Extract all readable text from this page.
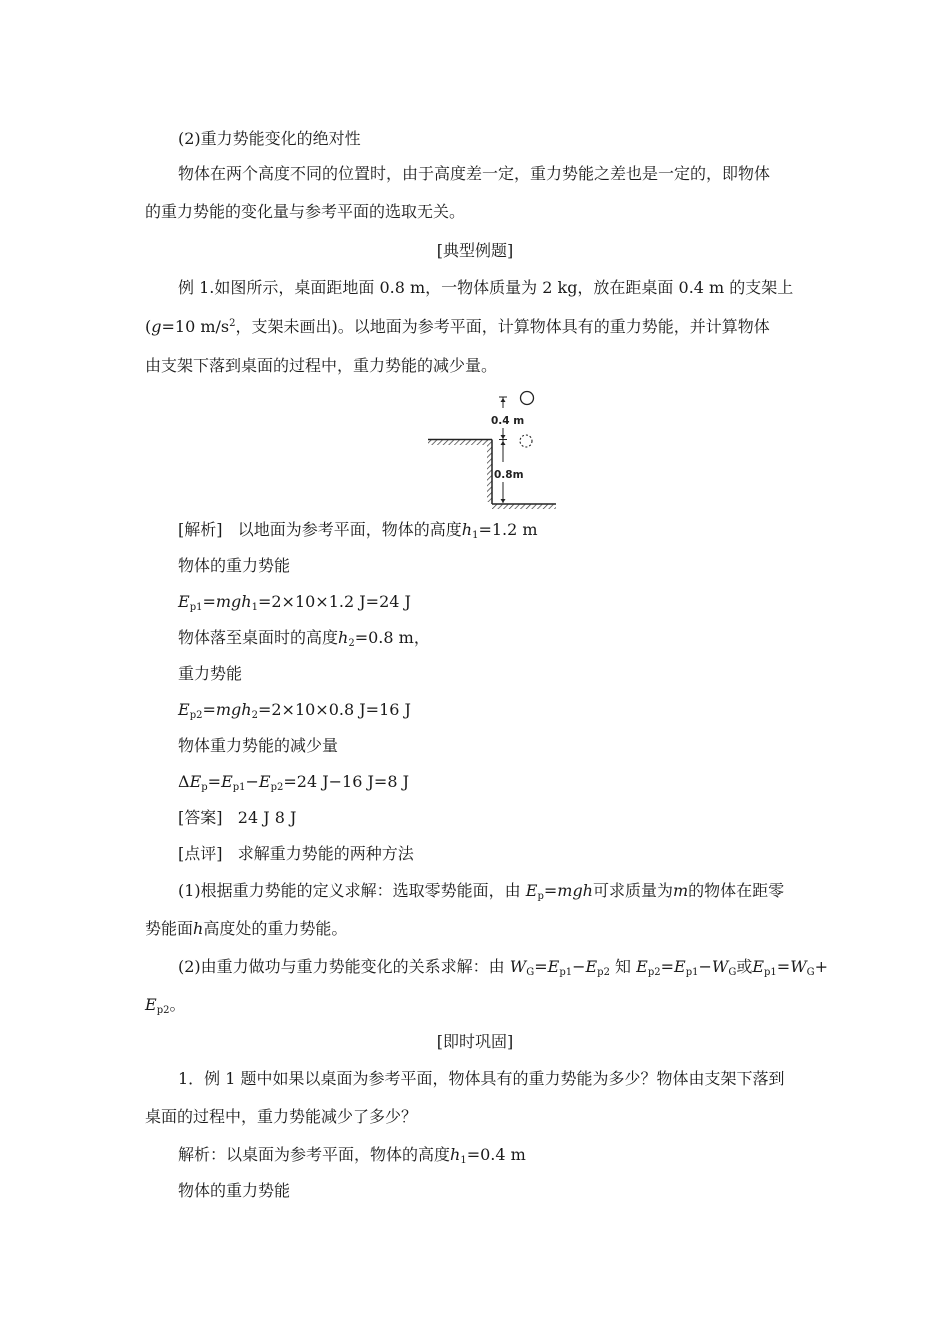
(2)重力势能变化的绝对性
物体在两个高度不同的位置时，由于高度差一定，重力势能之差也是一定的，即物体
的重力势能的变化量与参考平面的选取无关。
[典型例题]
例 1.如图所示，桌面距地面 0.8 m，一物体质量为 2 kg，放在距桌面 0.4 m 的支架上
(g=10 $m/s^2$，支架未画出)。以地面为参考平面，计算物体具有的重力势能，并计算物体
由支架下落到桌面的过程中，重力势能的减少量。
0.4 m
0.8m
[解析] 以地面为参考平面，物体的高度$h_1=1.2$ m
物体的重力势能
$E_{p1}=mgh_1=2\times 10\times 1.2$ J=24 J
物体落至桌面时的高度$h_2=0.8$ m，
重力势能
$E_{p2}=mgh_2=2\times 10\times 0.8$ J=16 J
物体重力势能的减少量
$\Delta E_p=E_{p1}-E_{p2}=24$ J−16 J=8 J
[答案] 24 J 8 J
[点评] 求解重力势能的两种方法
(1)根据重力势能的定义求解：选取零势能面，由 $E_p=mgh$可求质量为m的物体在距零
势能面h高度处的重力势能。
(2)由重力做功与重力势能变化的关系求解：由 $W_G=E_{p1}-E_{p2}$ 知 $E_{p2}=E_{p1}-W_G$或$E_{p1}=W_G+$
$E_{p2}$。
[即时巩固]
1．例 1 题中如果以桌面为参考平面，物体具有的重力势能为多少？物体由支架下落到
桌面的过程中，重力势能减少了多少？
解析：以桌面为参考平面，物体的高度$h_1=0.4$ m
物体的重力势能
